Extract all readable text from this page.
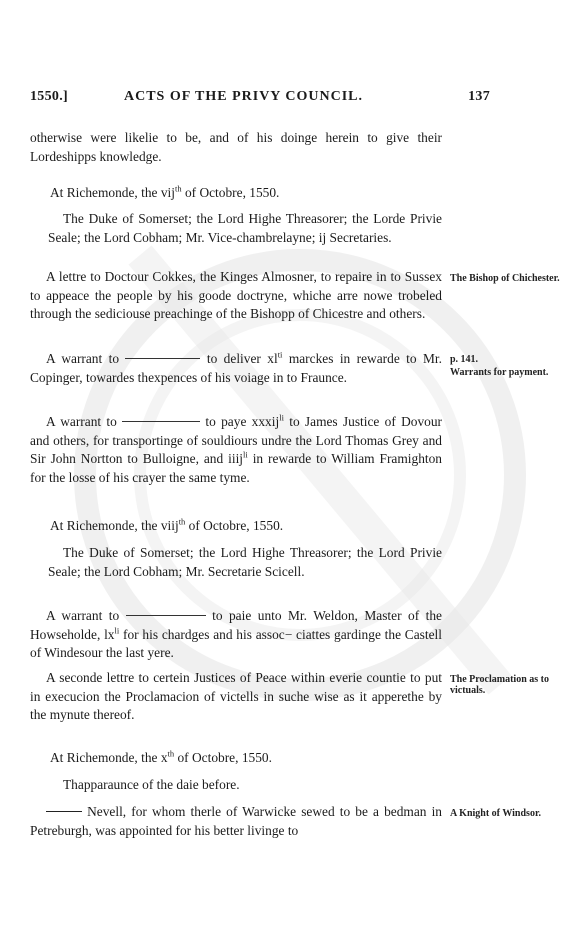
1550.]	ACTS OF THE PRIVY COUNCIL.	137

otherwise were likelie to be, and of his doinge herein to give their Lordeshipps knowledge.

At Richemonde, the vij$^{th}$ of Octobre, 1550.

The Duke of Somerset; the Lord Highe Threasorer; the Lorde Privie Seale; the Lord Cobham; Mr. Vice-chambrelayne; ij Secretaries.

A lettre to Doctour Cokkes, the Kinges Almosner, to repaire in to Sussex to appeace the people by his goode doctryne, whiche arre nowe trobeled through the sediciouse preachinge of the Bishopp of Chicestre and others.

A warrant to	to deliver $xl^{ti}$ marckes in rewarde to Mr. Copinger, towardes thexpences of his voiage in to Fraunce.

A warrant to	to paye xxxij$^{li}$ to James Justice of Dovour and others, for transportinge of souldiours undre the Lord Thomas Grey and Sir John Nortton to Bulloigne, and iiij$^{li}$ in rewarde to William Framighton for the losse of his crayer the same tyme.

At Richemonde, the viij$^{th}$ of Octobre, 1550.

The Duke of Somerset; the Lord Highe Threasorer; the Lord Privie Seale; the Lord Cobham; Mr. Secretarie Scicell.

A warrant to	to paie unto Mr. Weldon, Master of the Howseholde, $lx^{li}$ for his chardges and his assoc− ciattes gardinge the Castell of Windesour the last yere.

A seconde lettre to certein Justices of Peace within everie countie to put in execucion the Proclamacion of victells in suche wise as it apperethe by the mynute thereof.

At Richemonde, the $x^{th}$ of Octobre, 1550.

Thapparaunce of the daie before.

Nevell, for whom therle of Warwicke sewed to be a bedman in Petreburgh, was appointed for his better livinge to

The Bishop of Chichester.
p. 141.
Warrants for payment.
The Proclamation as to victuals.
A Knight of Windsor.
